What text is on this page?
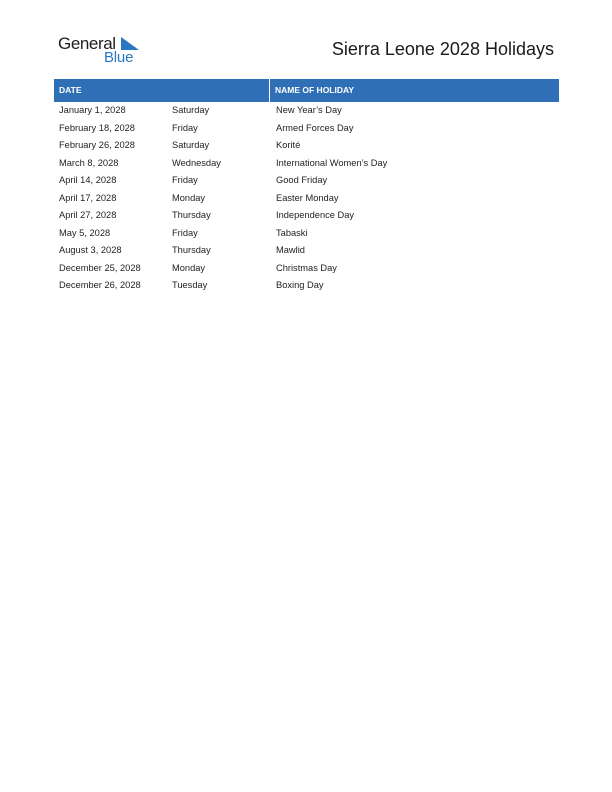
General
Blue	Sierra Leone 2028 Holidays
DATE	NAME OF HOLIDAY
January 1, 2028	Saturday	New Year’s Day
February 18, 2028	Friday	Armed Forces Day
February 26, 2028	Saturday	Korité
March 8, 2028	Wednesday	International Women’s Day
April 14, 2028	Friday	Good Friday
April 17, 2028	Monday	Easter Monday
April 27, 2028	Thursday	Independence Day
May 5, 2028	Friday	Tabaski
August 3, 2028	Thursday	Mawlid
December 25, 2028	Monday	Christmas Day
December 26, 2028	Tuesday	Boxing Day
